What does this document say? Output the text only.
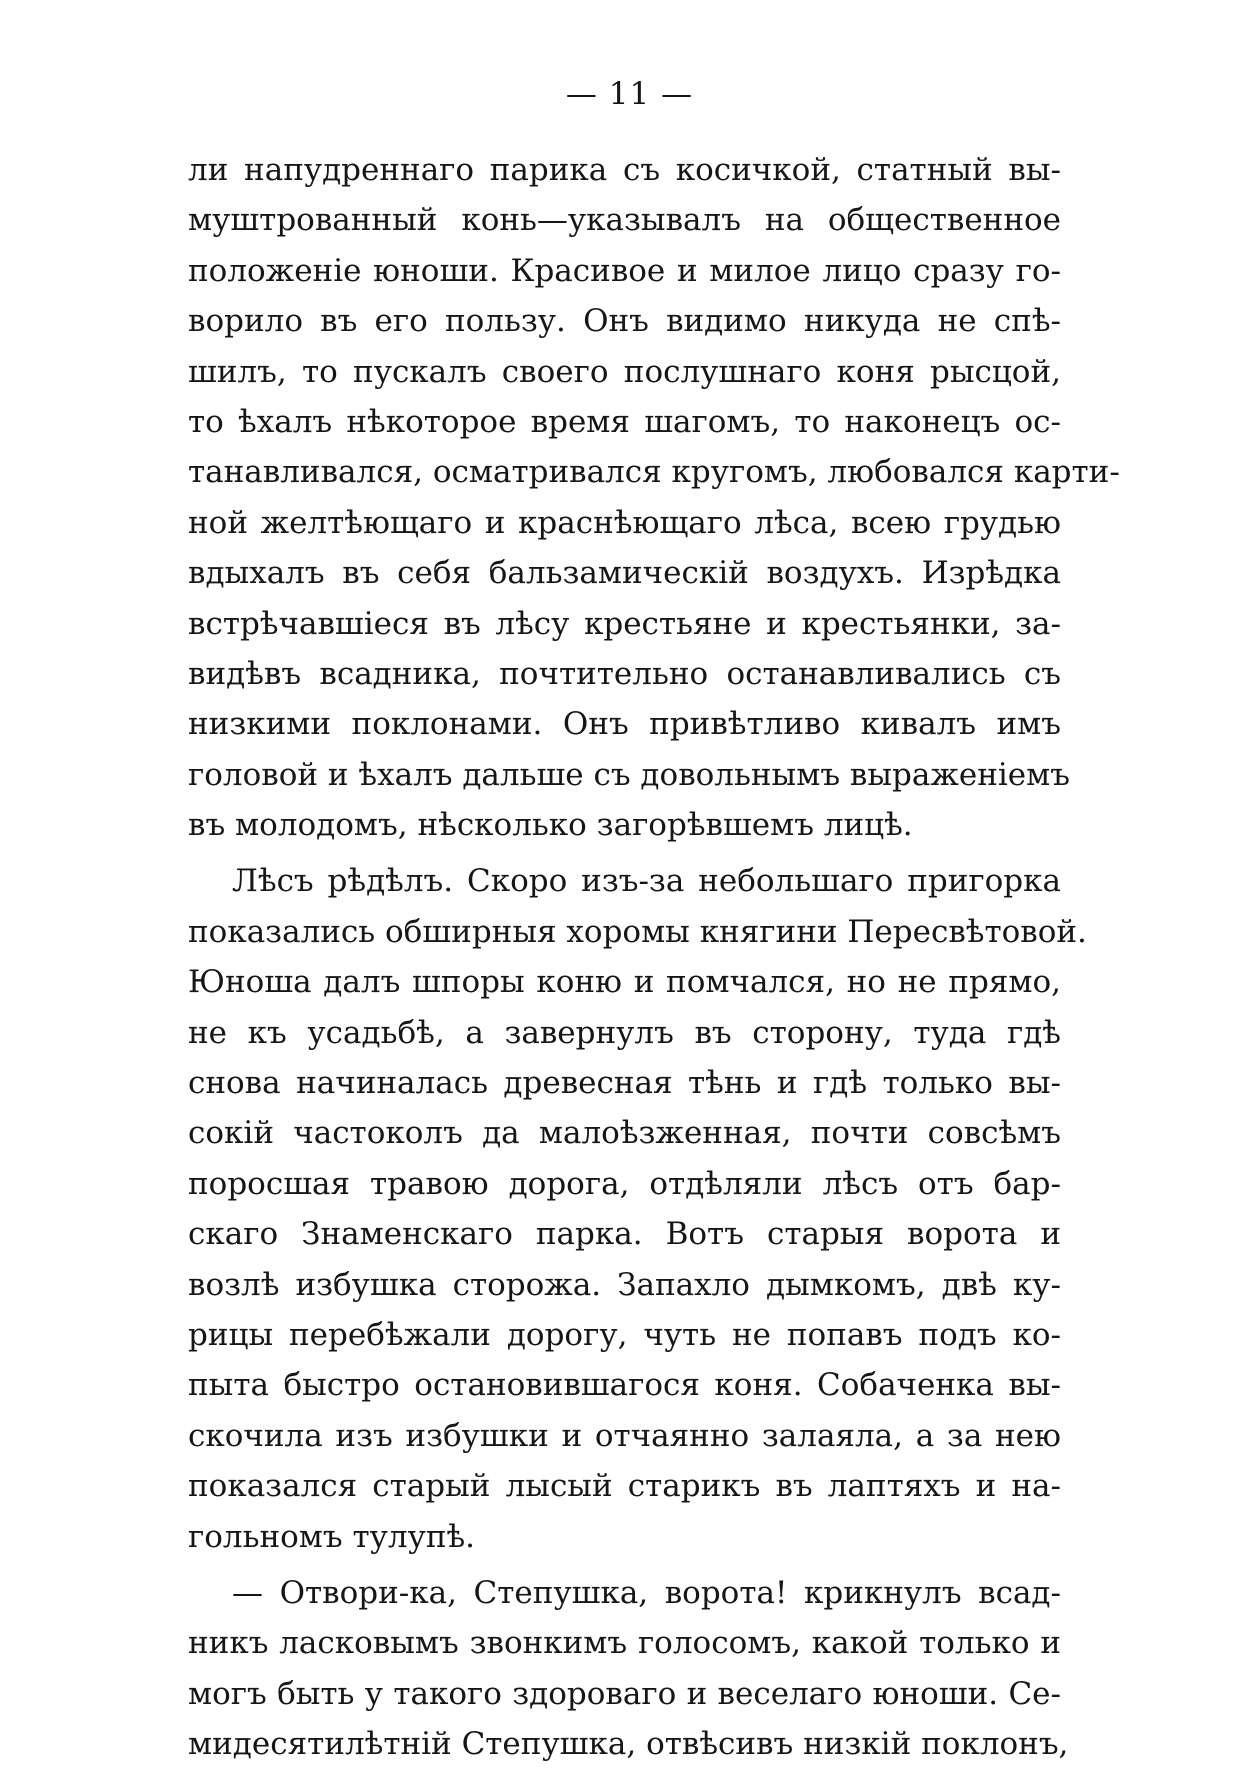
— 11 —
ли напудреннаго парика съ косичкой, статный вы-
муштрованный конь—указывалъ на общественное
положенiе юноши. Красивое и милое лицо сразу го-
ворило въ его пользу. Онъ видимо никуда не спѣ-
шилъ, то пускалъ своего послушнаго коня рысцой,
то ѣхалъ нѣкоторое время шагомъ, то наконецъ ос-
танавливался, осматривался кругомъ, любовался карти-
ной желтѣющаго и краснѣющаго лѣса, всею грудью
вдыхалъ въ себя бальзамическiй воздухъ. Изрѣдка
встрѣчавшiеся въ лѣсу крестьяне и крестьянки, за-
видѣвъ всадника, почтительно останавливались съ
низкими поклонами. Онъ привѣтливо кивалъ имъ
головой и ѣхалъ дальше съ довольнымъ выраженiемъ
въ молодомъ, нѣсколько загорѣвшемъ лицѣ.
Лѣсъ рѣдѣлъ. Скоро изъ-за небольшаго пригорка
показались обширныя хоромы княгини Пересвѣтовой.
Юноша далъ шпоры коню и помчался, но не прямо,
не къ усадьбѣ, а завернулъ въ сторону, туда гдѣ
снова начиналась древесная тѣнь и гдѣ только вы-
сокiй частоколъ да малоѣзженная, почти совсѣмъ
поросшая травою дорога, отдѣляли лѣсъ отъ бар-
скаго Знаменскаго парка. Вотъ старыя ворота и
возлѣ избушка сторожа. Запахло дымкомъ, двѣ ку-
рицы перебѣжали дорогу, чуть не попавъ подъ ко-
пыта быстро остановившагося коня. Собаченка вы-
скочила изъ избушки и отчаянно залаяла, а за нею
показался старый лысый старикъ въ лаптяхъ и на-
гольномъ тулупѣ.
— Отвори-ка, Степушка, ворота! крикнулъ всад-
никъ ласковымъ звонкимъ голосомъ, какой только и
могъ быть у такого здороваго и веселаго юноши. Се-
мидесятилѣтнiй Степушка, отвѣсивъ низкiй поклонъ,
